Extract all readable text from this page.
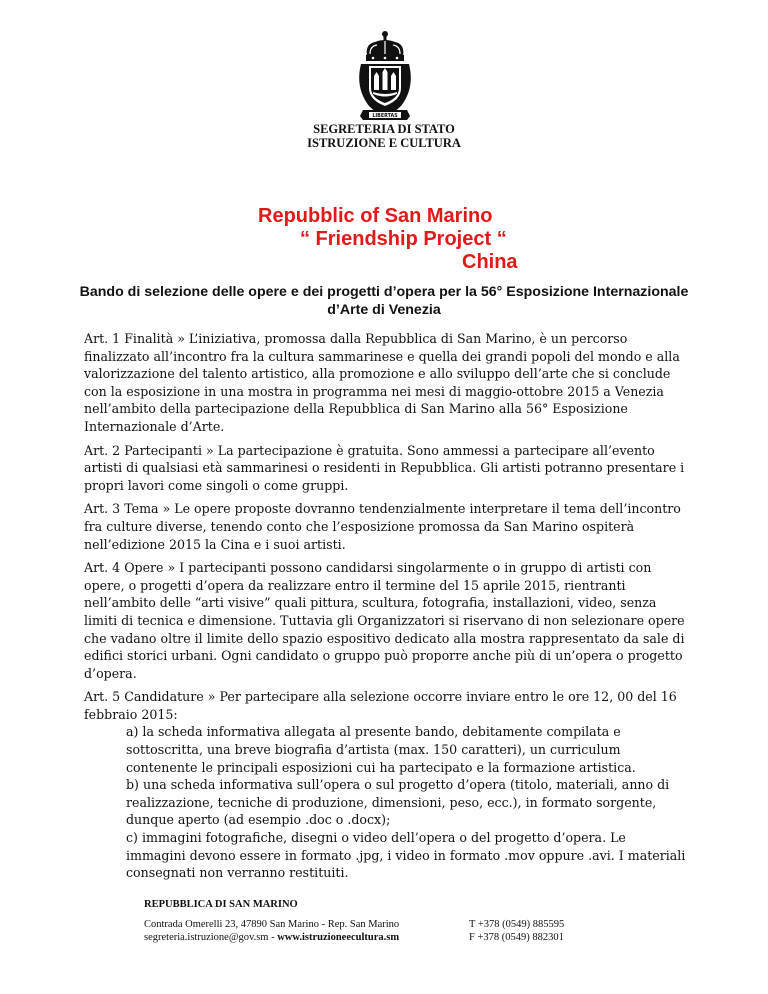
LIBERTAS
SEGRETERIA DI STATO
ISTRUZIONE E CULTURA
Repubblic of San Marino
“ Friendship Project “
China
Bando di selezione delle opere e dei progetti d’opera per la 56° Esposizione Internazionale d’Arte di Venezia

Art. 1 Finalità » L’iniziativa, promossa dalla Repubblica di San Marino, è un percorso finalizzato all’incontro fra la cultura sammarinese e quella dei grandi popoli del mondo e alla valorizzazione del talento artistico, alla promozione e allo sviluppo dell’arte che si conclude con la esposizione in una mostra in programma nei mesi di maggio-ottobre 2015 a Venezia nell’ambito della partecipazione della Repubblica di San Marino alla 56° Esposizione Internazionale d’Arte.

Art. 2 Partecipanti » La partecipazione è gratuita. Sono ammessi a partecipare all’evento artisti di qualsiasi età sammarinesi o residenti in Repubblica. Gli artisti potranno presentare i propri lavori come singoli o come gruppi.

Art. 3 Tema » Le opere proposte dovranno tendenzialmente interpretare il tema dell’incontro fra culture diverse, tenendo conto che l’esposizione promossa da San Marino ospiterà nell’edizione 2015 la Cina e i suoi artisti.

Art. 4 Opere » I partecipanti possono candidarsi singolarmente o in gruppo di artisti con opere, o progetti d’opera da realizzare entro il termine del 15 aprile 2015, rientranti nell’ambito delle “arti visive” quali pittura, scultura, fotografia, installazioni, video, senza limiti di tecnica e dimensione. Tuttavia gli Organizzatori si riservano di non selezionare opere che vadano oltre il limite dello spazio espositivo dedicato alla mostra rappresentato da sale di edifici storici urbani. Ogni candidato o gruppo può proporre anche più di un’opera o progetto d’opera.

Art. 5 Candidature » Per partecipare alla selezione occorre inviare entro le ore 12, 00 del 16 febbraio 2015:

a) la scheda informativa allegata al presente bando, debitamente compilata e sottoscritta, una breve biografia d’artista (max. 150 caratteri), un curriculum contenente le principali esposizioni cui ha partecipato e la formazione artistica.

b) una scheda informativa sull’opera o sul progetto d’opera (titolo, materiali, anno di realizzazione, tecniche di produzione, dimensioni, peso, ecc.), in formato sorgente, dunque aperto (ad esempio .doc o .docx);

c) immagini fotografiche, disegni o video dell’opera o del progetto d’opera. Le immagini devono essere in formato .jpg, i video in formato .mov oppure .avi. I materiali consegnati non verranno restituiti.

REPUBBLICA DI SAN MARINO
Contrada Omerelli 23, 47890 San Marino - Rep. San Marino
segreteria.istruzione@gov.sm - www.istruzioneecultura.sm
T +378 (0549) 885595
F +378 (0549) 882301
